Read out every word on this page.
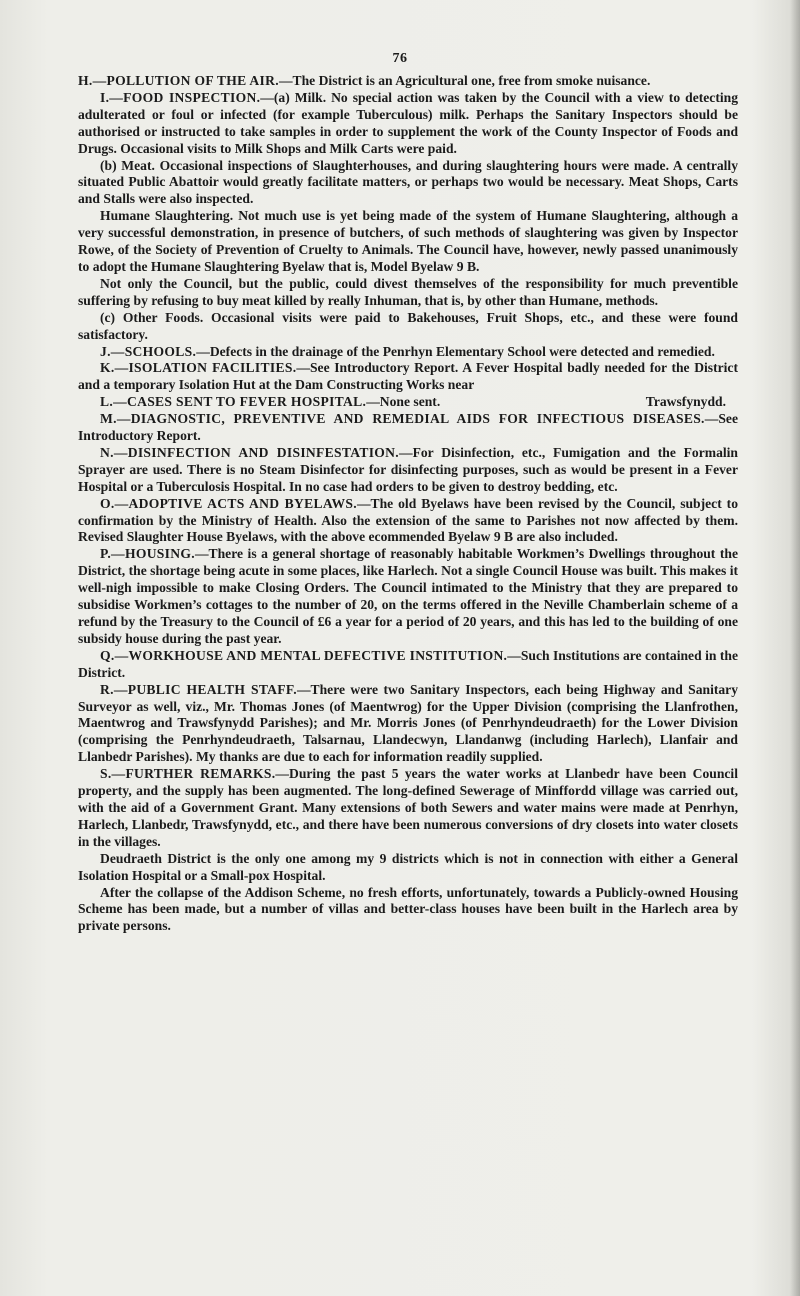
76

H.—POLLUTION OF THE AIR.—The District is an Agricultural one, free from smoke nuisance.

I.—FOOD INSPECTION.—(a) Milk. No special action was taken by the Council with a view to detecting adulterated or foul or infected (for example Tuberculous) milk. Perhaps the Sanitary Inspectors should be authorised or instructed to take samples in order to supplement the work of the County Inspector of Foods and Drugs. Occasional visits to Milk Shops and Milk Carts were paid.

(b) Meat. Occasional inspections of Slaughterhouses, and during slaughtering hours were made. A centrally situated Public Abattoir would greatly facilitate matters, or perhaps two would be necessary. Meat Shops, Carts and Stalls were also inspected.

Humane Slaughtering. Not much use is yet being made of the system of Humane Slaughtering, although a very successful demonstration, in presence of butchers, of such methods of slaughtering was given by Inspector Rowe, of the Society of Prevention of Cruelty to Animals. The Council have, however, newly passed unanimously to adopt the Humane Slaughtering Byelaw that is, Model Byelaw 9 B.

Not only the Council, but the public, could divest themselves of the responsibility for much preventible suffering by refusing to buy meat killed by really Inhuman, that is, by other than Humane, methods.

(c) Other Foods. Occasional visits were paid to Bakehouses, Fruit Shops, etc., and these were found satisfactory.

J.—SCHOOLS.—Defects in the drainage of the Penrhyn Elementary School were detected and remedied.

K.—ISOLATION FACILITIES.—See Introductory Report. A Fever Hospital badly needed for the District and a temporary Isolation Hut at the Dam Constructing Works near

L.—CASES SENT TO FEVER HOSPITAL.—None sent.	Trawsfynydd.

M.—DIAGNOSTIC, PREVENTIVE AND REMEDIAL AIDS FOR INFECTIOUS DISEASES.—See Introductory Report.

N.—DISINFECTION AND DISINFESTATION.—For Disinfection, etc., Fumigation and the Formalin Sprayer are used. There is no Steam Disinfector for disinfecting purposes, such as would be present in a Fever Hospital or a Tuberculosis Hospital. In no case had orders to be given to destroy bedding, etc.

O.—ADOPTIVE ACTS AND BYELAWS.—The old Byelaws have been revised by the Council, subject to confirmation by the Ministry of Health. Also the extension of the same to Parishes not now affected by them. Revised Slaughter House Byelaws, with the above ecommended Byelaw 9 B are also included.

P.—HOUSING.—There is a general shortage of reasonably habitable Workmen’s Dwellings throughout the District, the shortage being acute in some places, like Harlech. Not a single Council House was built. This makes it well-nigh impossible to make Closing Orders. The Council intimated to the Ministry that they are prepared to subsidise Workmen’s cottages to the number of 20, on the terms offered in the Neville Chamberlain scheme of a refund by the Treasury to the Council of £6 a year for a period of 20 years, and this has led to the building of one subsidy house during the past year.

Q.—WORKHOUSE AND MENTAL DEFECTIVE INSTITUTION.—Such Institutions are contained in the District.

R.—PUBLIC HEALTH STAFF.—There were two Sanitary Inspectors, each being Highway and Sanitary Surveyor as well, viz., Mr. Thomas Jones (of Maentwrog) for the Upper Division (comprising the Llanfrothen, Maentwrog and Trawsfynydd Parishes); and Mr. Morris Jones (of Penrhyndeudraeth) for the Lower Division (comprising the Penrhyndeudraeth, Talsarnau, Llandecwyn, Llandanwg (including Harlech), Llanfair and Llanbedr Parishes). My thanks are due to each for information readily supplied.

S.—FURTHER REMARKS.—During the past 5 years the water works at Llanbedr have been Council property, and the supply has been augmented. The long-defined Sewerage of Minffordd village was carried out, with the aid of a Government Grant. Many extensions of both Sewers and water mains were made at Penrhyn, Harlech, Llanbedr, Trawsfynydd, etc., and there have been numerous conversions of dry closets into water closets in the villages.

Deudraeth District is the only one among my 9 districts which is not in connection with either a General Isolation Hospital or a Small-pox Hospital.

After the collapse of the Addison Scheme, no fresh efforts, unfortunately, towards a Publicly-owned Housing Scheme has been made, but a number of villas and better-class houses have been built in the Harlech area by private persons.
